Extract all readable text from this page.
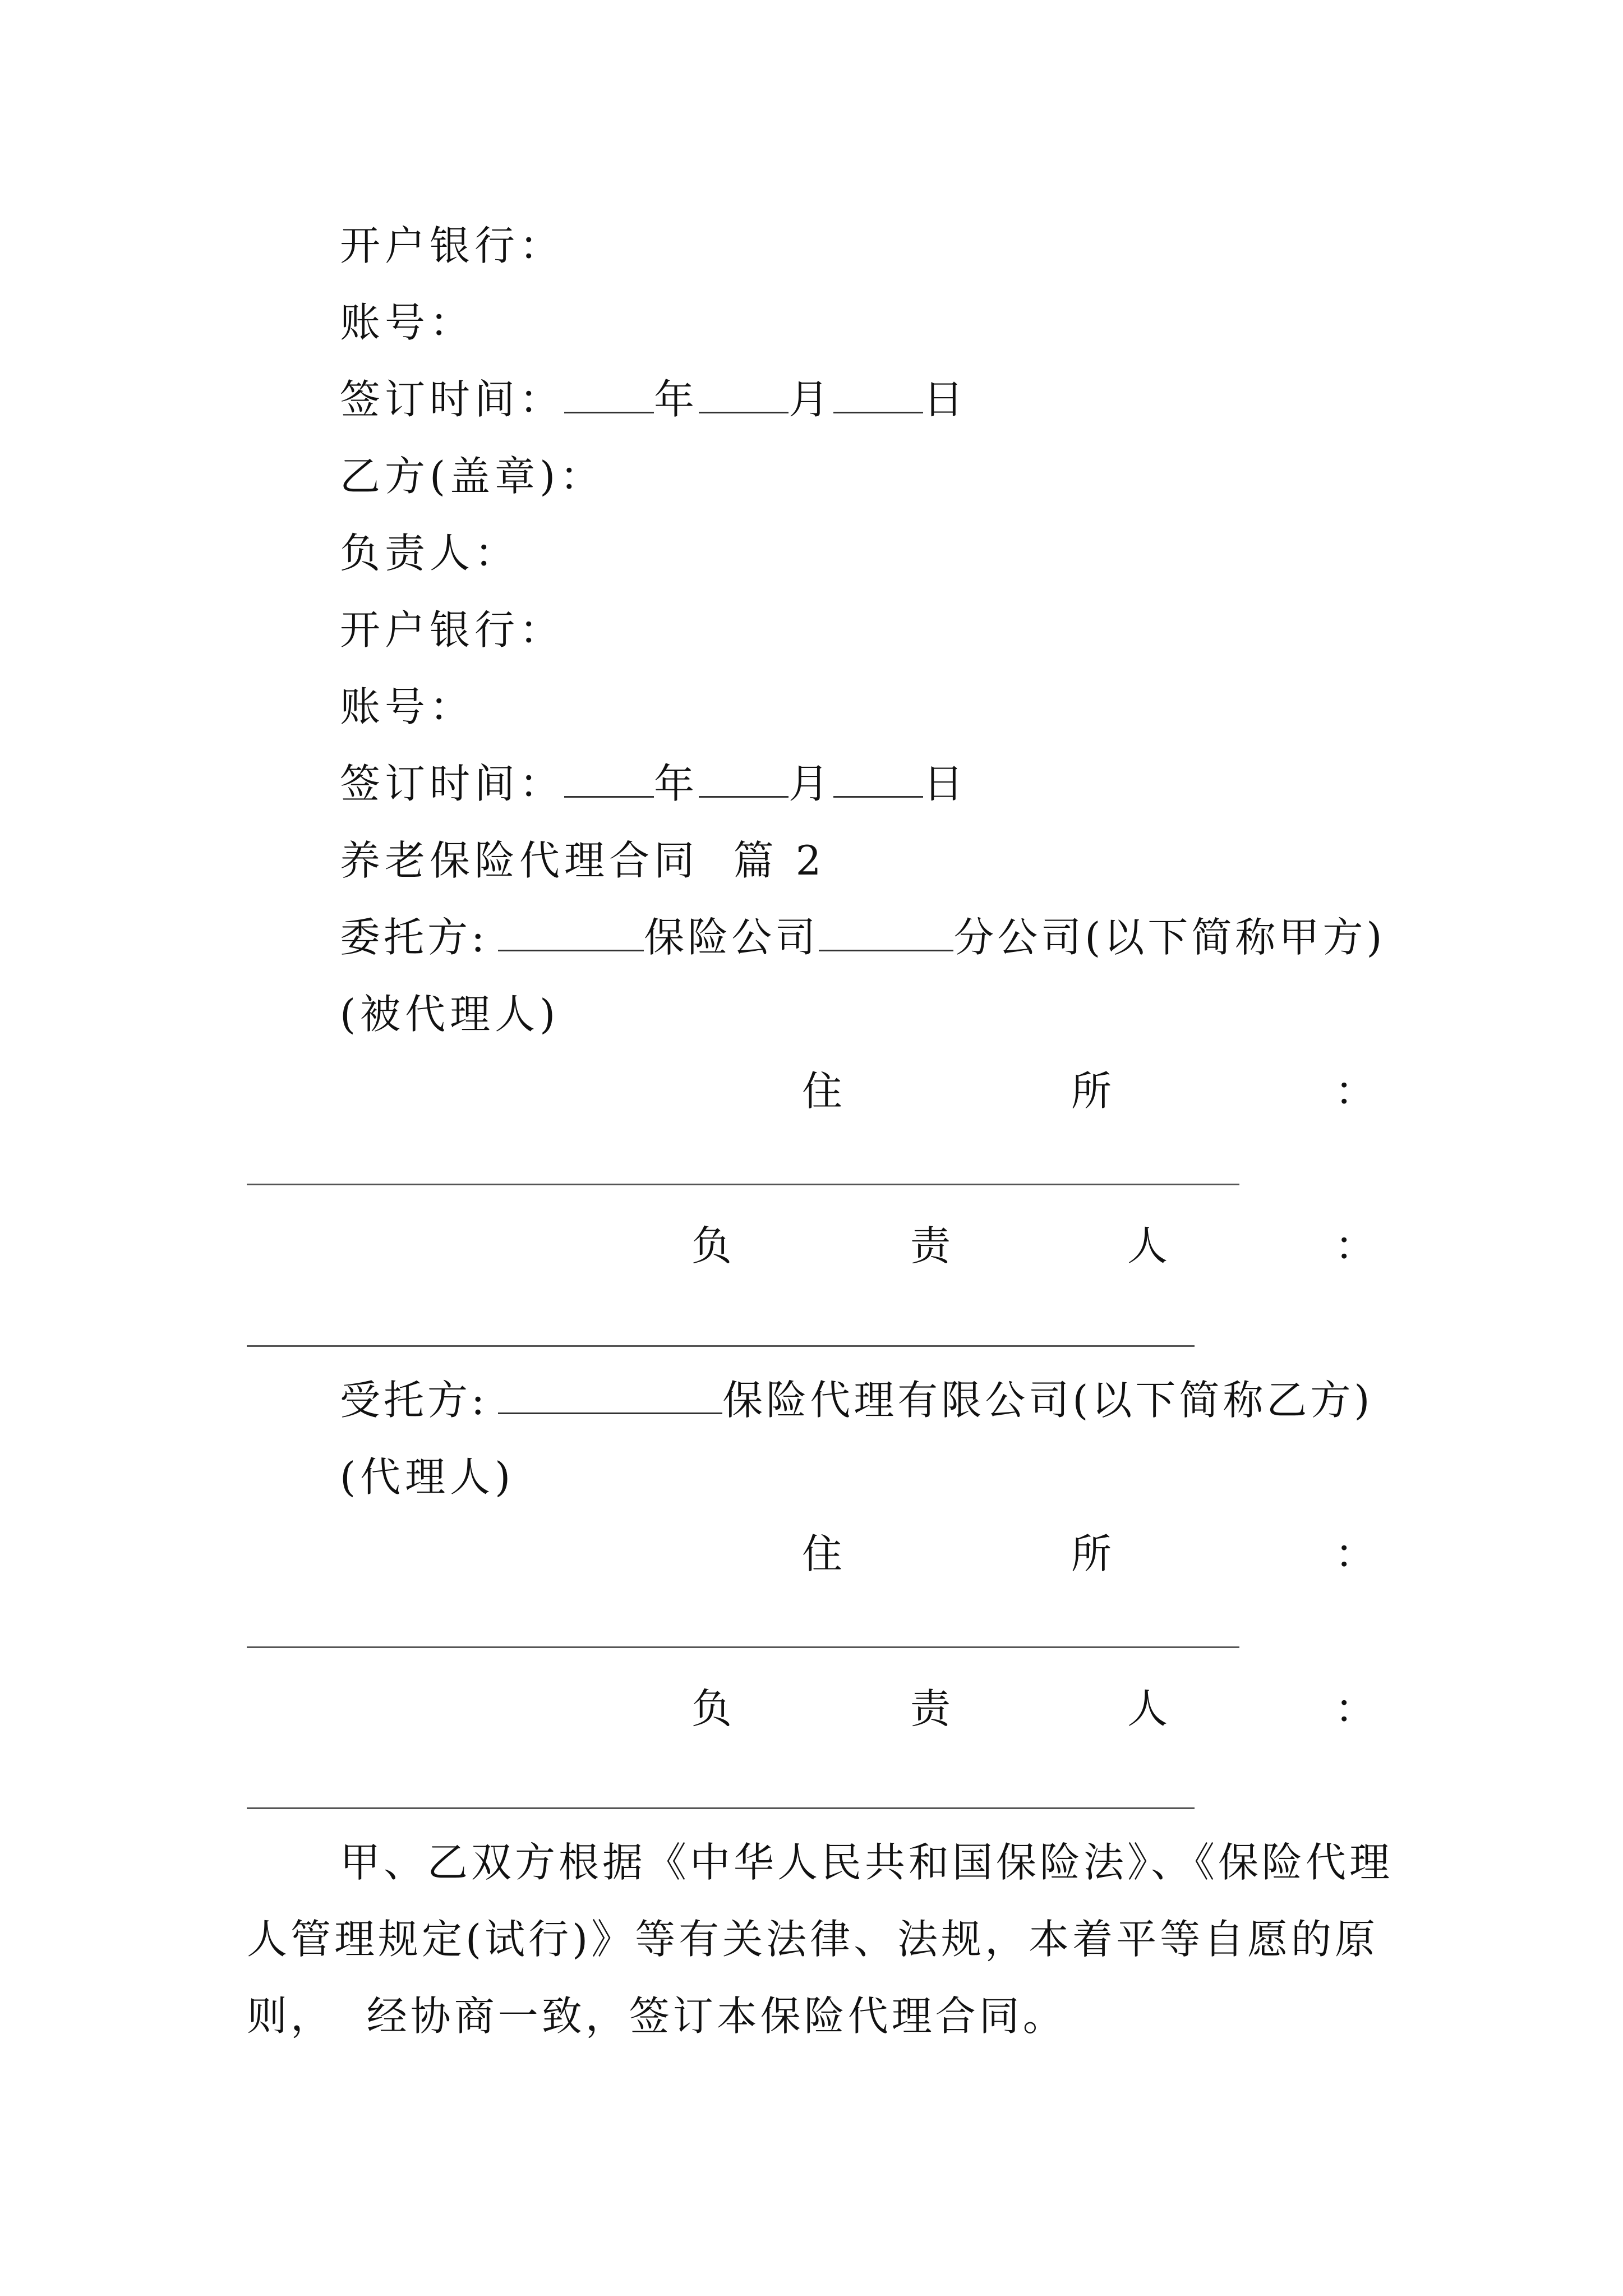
开户银行：
账号：
签订时间： 年 月 日
乙方(盖章)：
负责人：
开户银行：
账号：
签订时间： 年 月 日
养老保险代理合同  篇 2
委托方:	保险公司	分公司(以下简称甲方)
(被代理人)
住	所	：
负	责	人	：
受托方:	保险代理有限公司(以下简称乙方)
(代理人)
住	所	：
负	责	人	：
甲、乙双方根据《中华人民共和国保险法》、《保险代理
人管理规定(试行)》等有关法律、法规，本着平等自愿的原
则，  经协商一致，签订本保险代理合同。
